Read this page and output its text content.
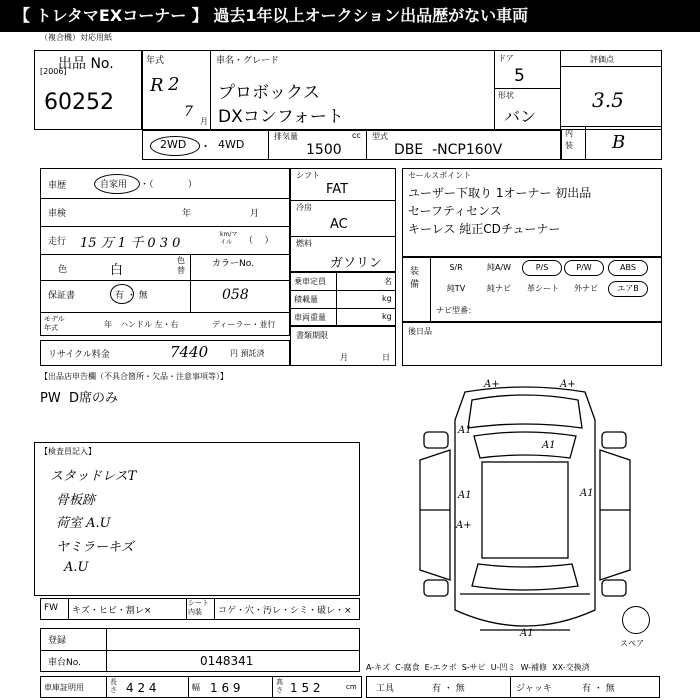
【 トレタマEXコーナー 】 過去1年以上オークション出品歴がない車両
（複合機）対応用紙
出品 No.
[2006]
60252
年式
R 2
7
月
車名・グレード
プロボックス
DXコンフォート
ドア
5
形状
バン
評価点
3.5
2WD ・ 4WD
排気量	cc
1500
型式
DBE  -NCP160V
内装	B
車歴	自家用 ・（            ）
車検	年	月
走行 15 万 1 千 0 3 0
km/マイル	（    ）
色	白
色替
カラーNo.
058
保証書	有 ・ 無
モデル年式	年 ハンドル 左・右	ディーラー・並行
リサイクル料金	7440	円 預託済
シフト
FAT
冷房
AC
燃料
ガソリン
乗車定員	名
積載量	kg
車両重量	kg
書類期限
月	日
セールスポイント
ユーザー下取り 1オーナー 初出品
セーフティセンス
キーレス 純正CDチューナー
装備
S/R	純A/W	P/S	P/W	ABS
純TV	純ナビ	革シート	外ナビ	エアB
ナビ型番：
後日品
【出品店申告欄（不具合箇所・欠品・注意事項等）】
PW  D席のみ
【検査員記入】
スタッドレスT
骨板跡
荷室 A.U
ヤミラーキズ
A.U
FW キズ・ヒビ・割レ×
シート内装	コゲ・穴・汚レ・シミ・破レ・×
登録
車台No.	0148341
車庫証明用
長さ 4 2 4	幅 1 6 9	高さ 1 5 2	cm 工具	有 ・ 無	ジャッキ	有 ・ 無
A-キズ  C-腐食  E-エクボ  S-サビ  U-凹ミ  W-補修  XX-交換済
A+	A+
A1
A1
A1	A1
A+
A1
スペア
